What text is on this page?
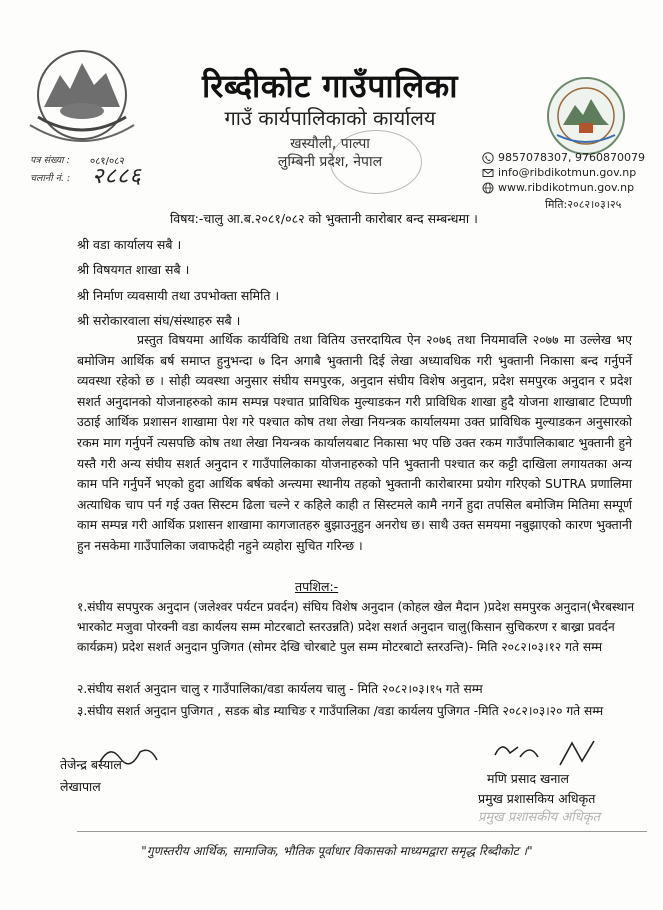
रिब्दीकोट गाउँपालिका
गाउँ कार्यपालिकाको कार्यालय
खस्यौली, पाल्पा
लुम्बिनी प्रदेश, नेपाल
पत्र संख्या : ०८१/०८२
चलानी नं. : २८८६
9857078307, 9760870079
info@ribdikotmun.gov.np
www.ribdikotmun.gov.np
मिति:२०८२।०३।२५
विषय:-चालु आ.ब.२०८१/०८२ को भुक्तानी कारोबार बन्द सम्बन्धमा ।
श्री वडा कार्यालय सबै ।
श्री विषयगत शाखा सबै ।
श्री निर्माण व्यवसायी तथा उपभोक्ता समिति ।
श्री सरोकारवाला संघ/संस्थाहरु सबै ।
प्रस्तुत विषयमा आर्थिक कार्यविधि तथा वितिय उत्तरदायित्व ऐन २०७६ तथा नियमावलि २०७७ मा उल्लेख भए बमोजिम आर्थिक बर्ष समाप्त हुनुभन्दा ७ दिन अगाबै भुक्तानी दिई लेखा अध्यावधिक गरी भुक्तानी निकासा बन्द गर्नुपर्ने व्यवस्था रहेको छ । सोही व्यवस्था अनुसार संघीय समपुरक, अनुदान संघीय विशेष अनुदान, प्रदेश समपुरक अनुदान र प्रदेश सशर्त अनुदानको योजनाहरुको काम सम्पन्न पश्चात प्राविधिक मुल्याडकन गरी प्राविधिक शाखा हुदै योजना शाखाबाट टिप्पणी उठाई आर्थिक प्रशासन शाखामा पेश गरे पश्चात कोष तथा लेखा नियन्त्रक कार्यालयमा उक्त प्राविधिक मुल्याडकन अनुसारको रकम माग गर्नुपर्ने त्यसपछि कोष तथा लेखा नियन्त्रक कार्यालयबाट निकासा भए पछि उक्त रकम गाउँपालिकाबाट भुक्तानी हुने यस्तै गरी अन्य संघीय सशर्त अनुदान र गाउँपालिकाका योजनाहरुको पनि भुक्तानी पश्चात कर कट्टी दाखिला लगायतका अन्य काम पनि गर्नुपर्ने भएको हुदा आर्थिक बर्षको अन्त्यमा स्थानीय तहको भुक्तानी कारोबारमा प्रयोग गरिएको SUTRA प्रणालिमा अत्याधिक चाप पर्न गई उक्त सिस्टम ढिला चल्ने र कहिले काही त सिस्टमले कामै नगर्ने हुदा तपसिल बमोजिम मितिमा सम्पूर्ण काम सम्पन्न गरी आर्थिक प्रशासन शाखामा कागजातहरु बुझाउनुहुन अनरोध छ। साथै उक्त समयमा नबुझाएको कारण भुक्तानी हुन नसकेमा गाउँपालिका जवाफदेही नहुने व्यहोरा सुचित गरिन्छ ।
तपशिल:-
१.संघीय सपपुरक अनुदान (जलेश्वर पर्यटन प्रवर्दन) संघिय विशेष अनुदान (कोहल खेल मैदान )प्रदेश समपुरक अनुदान(भैरबस्थान भारकोट मजुवा पोरक्नी वडा कार्यलय सम्म मोटरबाटो स्तरउन्नति) प्रदेश सशर्त अनुदान चालु(किसान सुचिकरण र बाख्रा प्रवर्दन कार्यक्रम) प्रदेश सशर्त अनुदान पुजिगत (सोमर देखि चोरबाटे पुल सम्म मोटरबाटो स्तरउन्ति)- मिति २०८२।०३।१२ गते सम्म
२.संघीय सशर्त अनुदान चालु र गाउँपालिका/वडा कार्यलय चालु - मिति २०८२।०३।१५ गते सम्म
३.संघीय सशर्त अनुदान पुजिगत , सडक बोड म्याचिङ र गाउँपालिका /वडा कार्यलय पुजिगत -मिति २०८२।०३।२० गते सम्म
तेजेन्द्र बस्याल
लेखापाल
मणि प्रसाद खनाल
प्रमुख प्रशासकिय अधिकृत
प्रमुख प्रशासकीय अधिकृत
"गुणस्तरीय आर्थिक, सामाजिक, भौतिक पूर्वाधार विकासको माध्यमद्वारा समृद्ध रिब्दीकोट ।"
